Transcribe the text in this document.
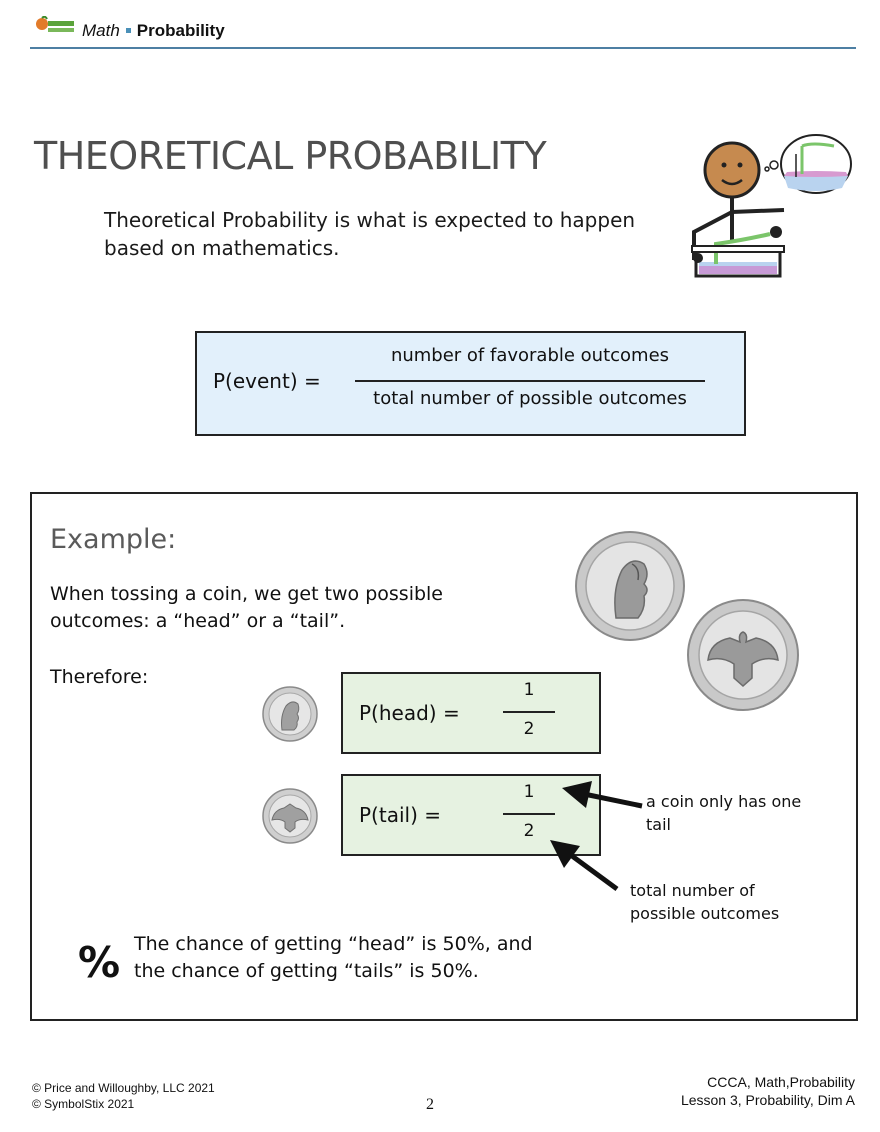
Math Probability
THEORETICAL PROBABILITY
Theoretical Probability is what is expected to happen based on mathematics.
P(event) =
number of favorable outcomes
total number of possible outcomes
Example:
When tossing a coin, we get two possible outcomes: a “head” or a “tail”.
Therefore:
P(head) =
1
2
P(tail) =
1
2
a coin only has one tail
total number of possible outcomes
% The chance of getting “head” is 50%, and the chance of getting “tails” is 50%.
© Price and Willoughby, LLC 2021
© SymbolStix 2021	2
CCCA, Math,Probability
Lesson 3, Probability, Dim A
